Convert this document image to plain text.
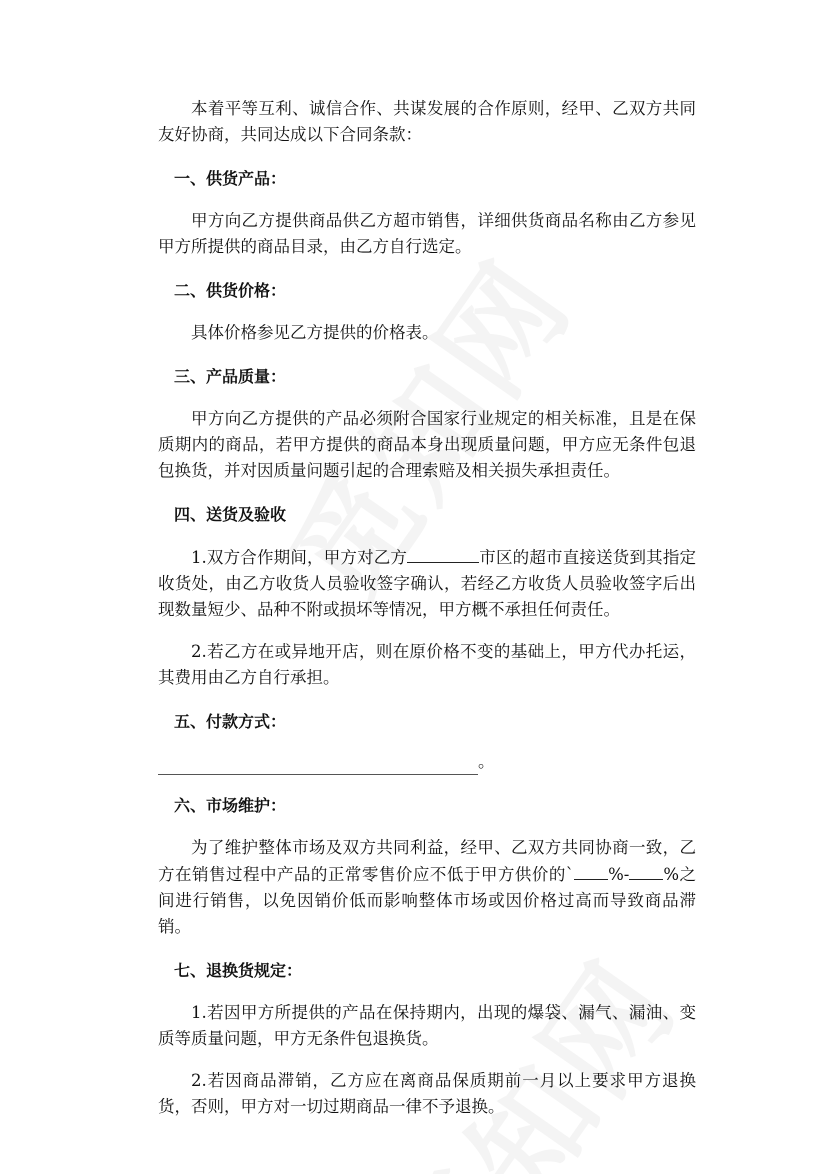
本着平等互利、诚信合作、共谋发展的合作原则，经甲、乙双方共同友好协商，共同达成以下合同条款：

一、供货产品：

甲方向乙方提供商品供乙方超市销售，详细供货商品名称由乙方参见甲方所提供的商品目录，由乙方自行选定。

二、供货价格：

具体价格参见乙方提供的价格表。

三、产品质量：

甲方向乙方提供的产品必须附合国家行业规定的相关标准，且是在保质期内的商品，若甲方提供的商品本身出现质量问题，甲方应无条件包退包换货，并对因质量问题引起的合理索赔及相关损失承担责任。

四、送货及验收

1.双方合作期间，甲方对乙方	市区的超市直接送货到其指定收货处，由乙方收货人员验收签字确认，若经乙方收货人员验收签字后出现数量短少、品种不附或损坏等情况，甲方概不承担任何责任。

2.若乙方在或异地开店，则在原价格不变的基础上，甲方代办托运，其费用由乙方自行承担。

五、付款方式：

。

六、市场维护：

为了维护整体市场及双方共同利益，经甲、乙双方共同协商一致，乙方在销售过程中产品的正常零售价应不低于甲方供价的` %- %之间进行销售，以免因销价低而影响整体市场或因价格过高而导致商品滞销。

七、退换货规定：

1.若因甲方所提供的产品在保持期内，出现的爆袋、漏气、漏油、变质等质量问题，甲方无条件包退换货。

2.若因商品滞销，乙方应在离商品保质期前一月以上要求甲方退换货，否则，甲方对一切过期商品一律不予退换。
